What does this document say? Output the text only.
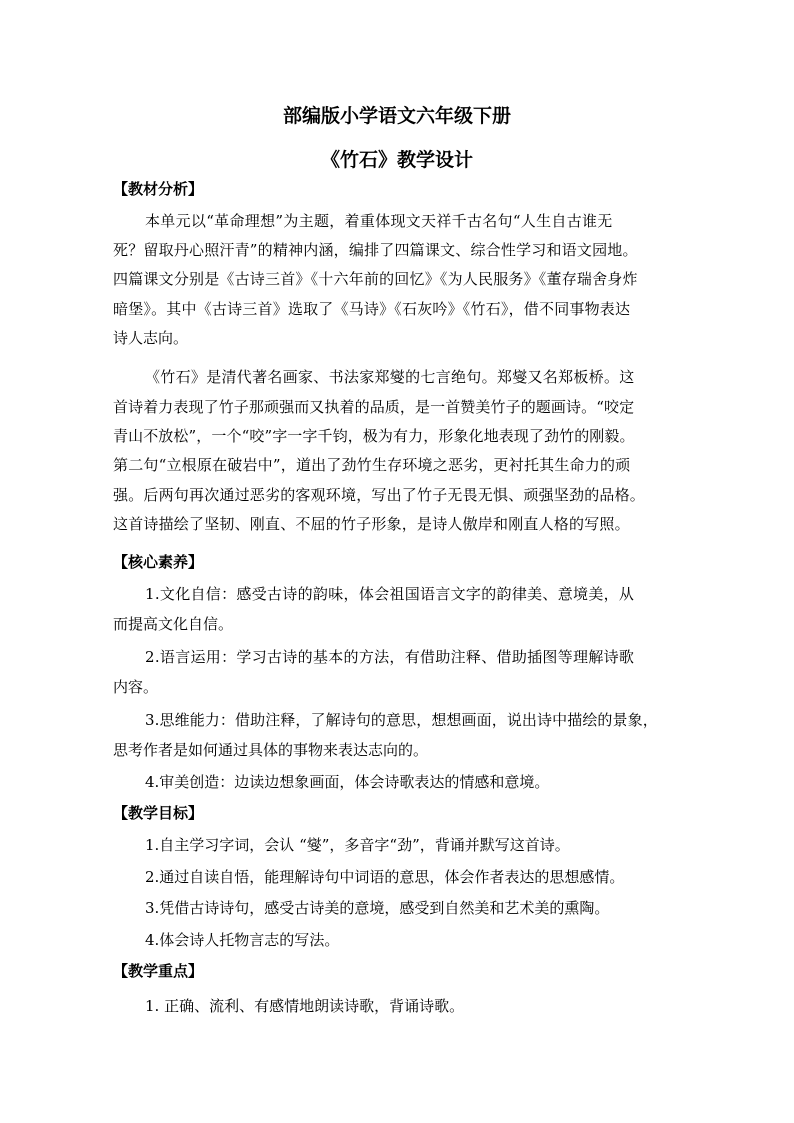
部编版小学语文六年级下册
《竹石》教学设计
【教材分析】
本单元以“革命理想”为主题，着重体现文天祥千古名句“人生自古谁无
死？留取丹心照汗青”的精神内涵，编排了四篇课文、综合性学习和语文园地。
四篇课文分别是《古诗三首》《十六年前的回忆》《为人民服务》《董存瑞舍身炸
暗堡》。其中《古诗三首》选取了《马诗》《石灰吟》《竹石》，借不同事物表达
诗人志向。
《竹石》是清代著名画家、书法家郑燮的七言绝句。郑燮又名郑板桥。这
首诗着力表现了竹子那顽强而又执着的品质，是一首赞美竹子的题画诗。“咬定
青山不放松”，一个“咬”字一字千钧，极为有力，形象化地表现了劲竹的刚毅。
第二句“立根原在破岩中”，道出了劲竹生存环境之恶劣，更衬托其生命力的顽
强。后两句再次通过恶劣的客观环境，写出了竹子无畏无惧、顽强坚劲的品格。
这首诗描绘了坚韧、刚直、不屈的竹子形象，是诗人傲岸和刚直人格的写照。
【核心素养】
1.文化自信：感受古诗的韵味，体会祖国语言文字的韵律美、意境美，从
而提高文化自信。
2.语言运用：学习古诗的基本的方法，有借助注释、借助插图等理解诗歌
内容。
3.思维能力：借助注释，了解诗句的意思，想想画面，说出诗中描绘的景象，
思考作者是如何通过具体的事物来表达志向的。
4.审美创造：边读边想象画面，体会诗歌表达的情感和意境。
【教学目标】
1.自主学习字词，会认 “燮”，多音字“劲”，背诵并默写这首诗。
2.通过自读自悟，能理解诗句中词语的意思，体会作者表达的思想感情。
3.凭借古诗诗句，感受古诗美的意境，感受到自然美和艺术美的熏陶。
4.体会诗人托物言志的写法。
【教学重点】
1. 正确、流利、有感情地朗读诗歌，背诵诗歌。
